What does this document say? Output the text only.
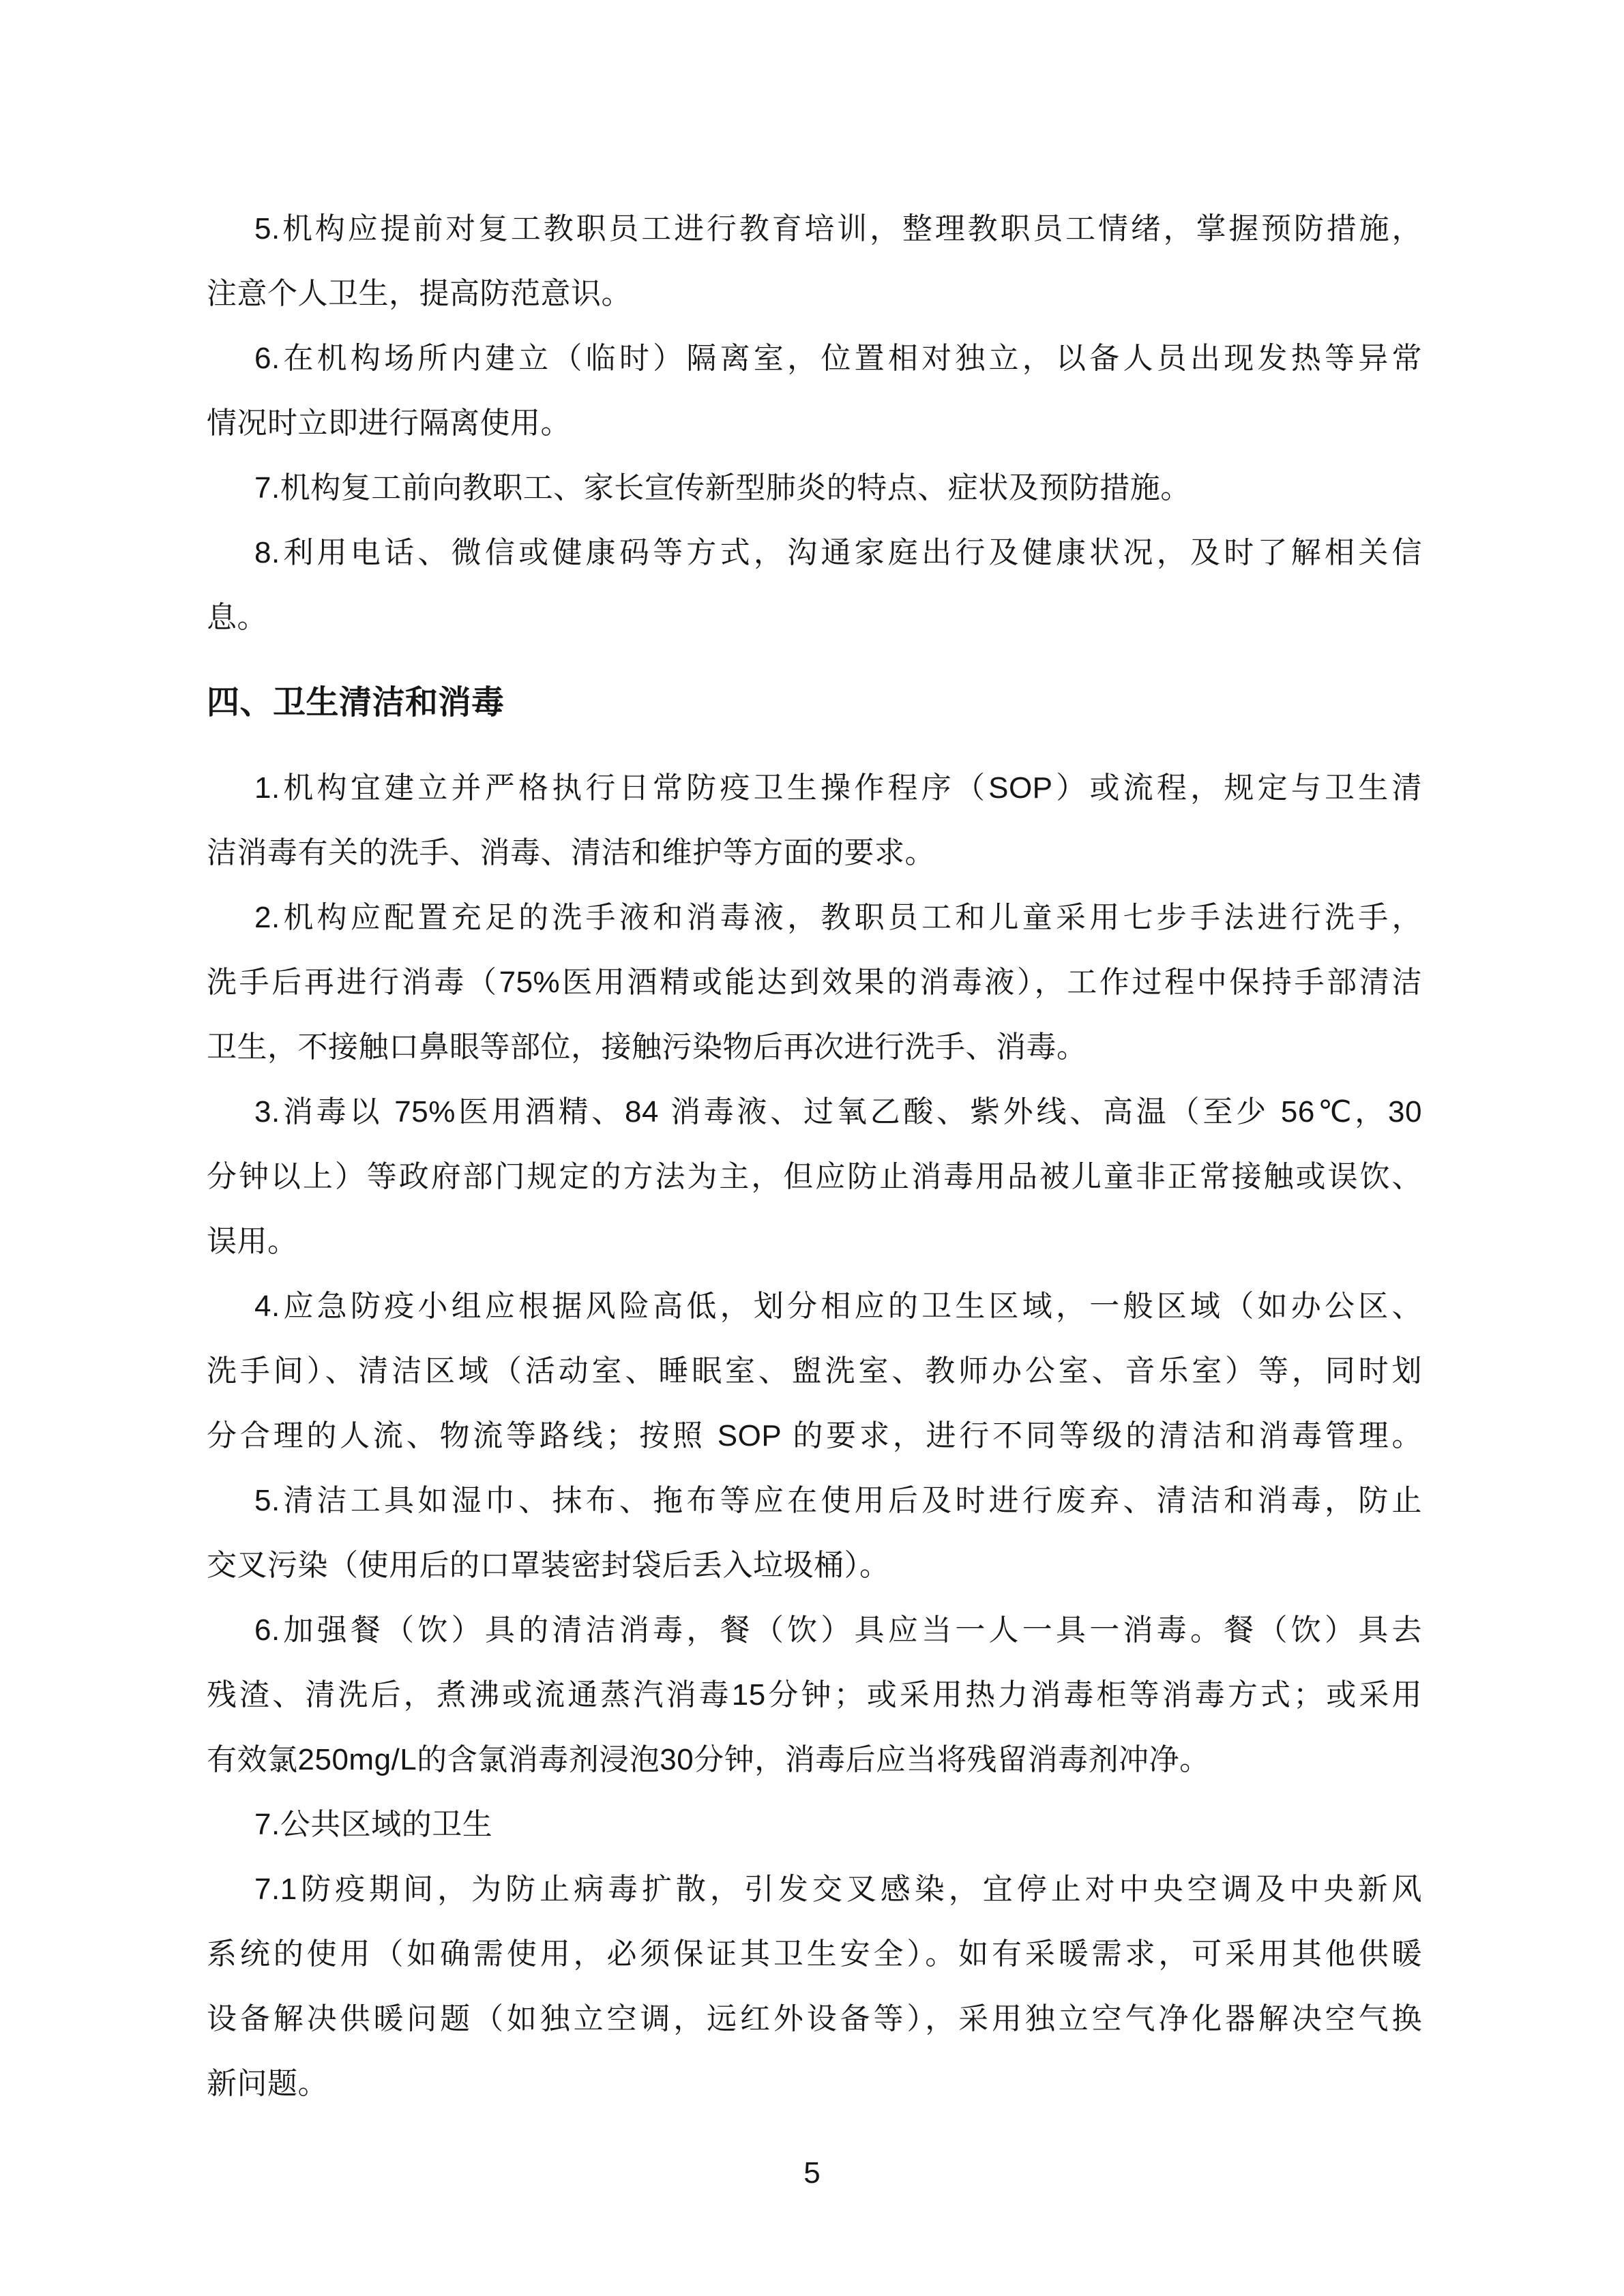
5.机构应提前对复工教职员工进行教育培训，整理教职员工情绪，掌握预防措施，
注意个人卫生，提高防范意识。
6.在机构场所内建立（临时）隔离室，位置相对独立，以备人员出现发热等异常
情况时立即进行隔离使用。
7.机构复工前向教职工、家长宣传新型肺炎的特点、症状及预防措施。
8.利用电话、微信或健康码等方式，沟通家庭出行及健康状况，及时了解相关信
息。
四、卫生清洁和消毒
1.机构宜建立并严格执行日常防疫卫生操作程序（SOP）或流程，规定与卫生清
洁消毒有关的洗手、消毒、清洁和维护等方面的要求。
2.机构应配置充足的洗手液和消毒液，教职员工和儿童采用七步手法进行洗手，
洗手后再进行消毒（75%医用酒精或能达到效果的消毒液），工作过程中保持手部清洁
卫生，不接触口鼻眼等部位，接触污染物后再次进行洗手、消毒。
3.消毒以 75%医用酒精、84 消毒液、过氧乙酸、紫外线、高温（至少 56℃，30
分钟以上）等政府部门规定的方法为主，但应防止消毒用品被儿童非正常接触或误饮、
误用。
4.应急防疫小组应根据风险高低，划分相应的卫生区域，一般区域（如办公区、
洗手间）、清洁区域（活动室、睡眠室、盥洗室、教师办公室、音乐室）等，同时划
分合理的人流、物流等路线；按照 SOP 的要求，进行不同等级的清洁和消毒管理。
5.清洁工具如湿巾、抹布、拖布等应在使用后及时进行废弃、清洁和消毒，防止
交叉污染（使用后的口罩装密封袋后丢入垃圾桶）。
6.加强餐（饮）具的清洁消毒，餐（饮）具应当一人一具一消毒。餐（饮）具去
残渣、清洗后，煮沸或流通蒸汽消毒15分钟；或采用热力消毒柜等消毒方式；或采用
有效氯250mg/L的含氯消毒剂浸泡30分钟，消毒后应当将残留消毒剂冲净。
7.公共区域的卫生
7.1防疫期间，为防止病毒扩散，引发交叉感染，宜停止对中央空调及中央新风
系统的使用（如确需使用，必须保证其卫生安全）。如有采暖需求，可采用其他供暖
设备解决供暖问题（如独立空调，远红外设备等），采用独立空气净化器解决空气换
新问题。
5
